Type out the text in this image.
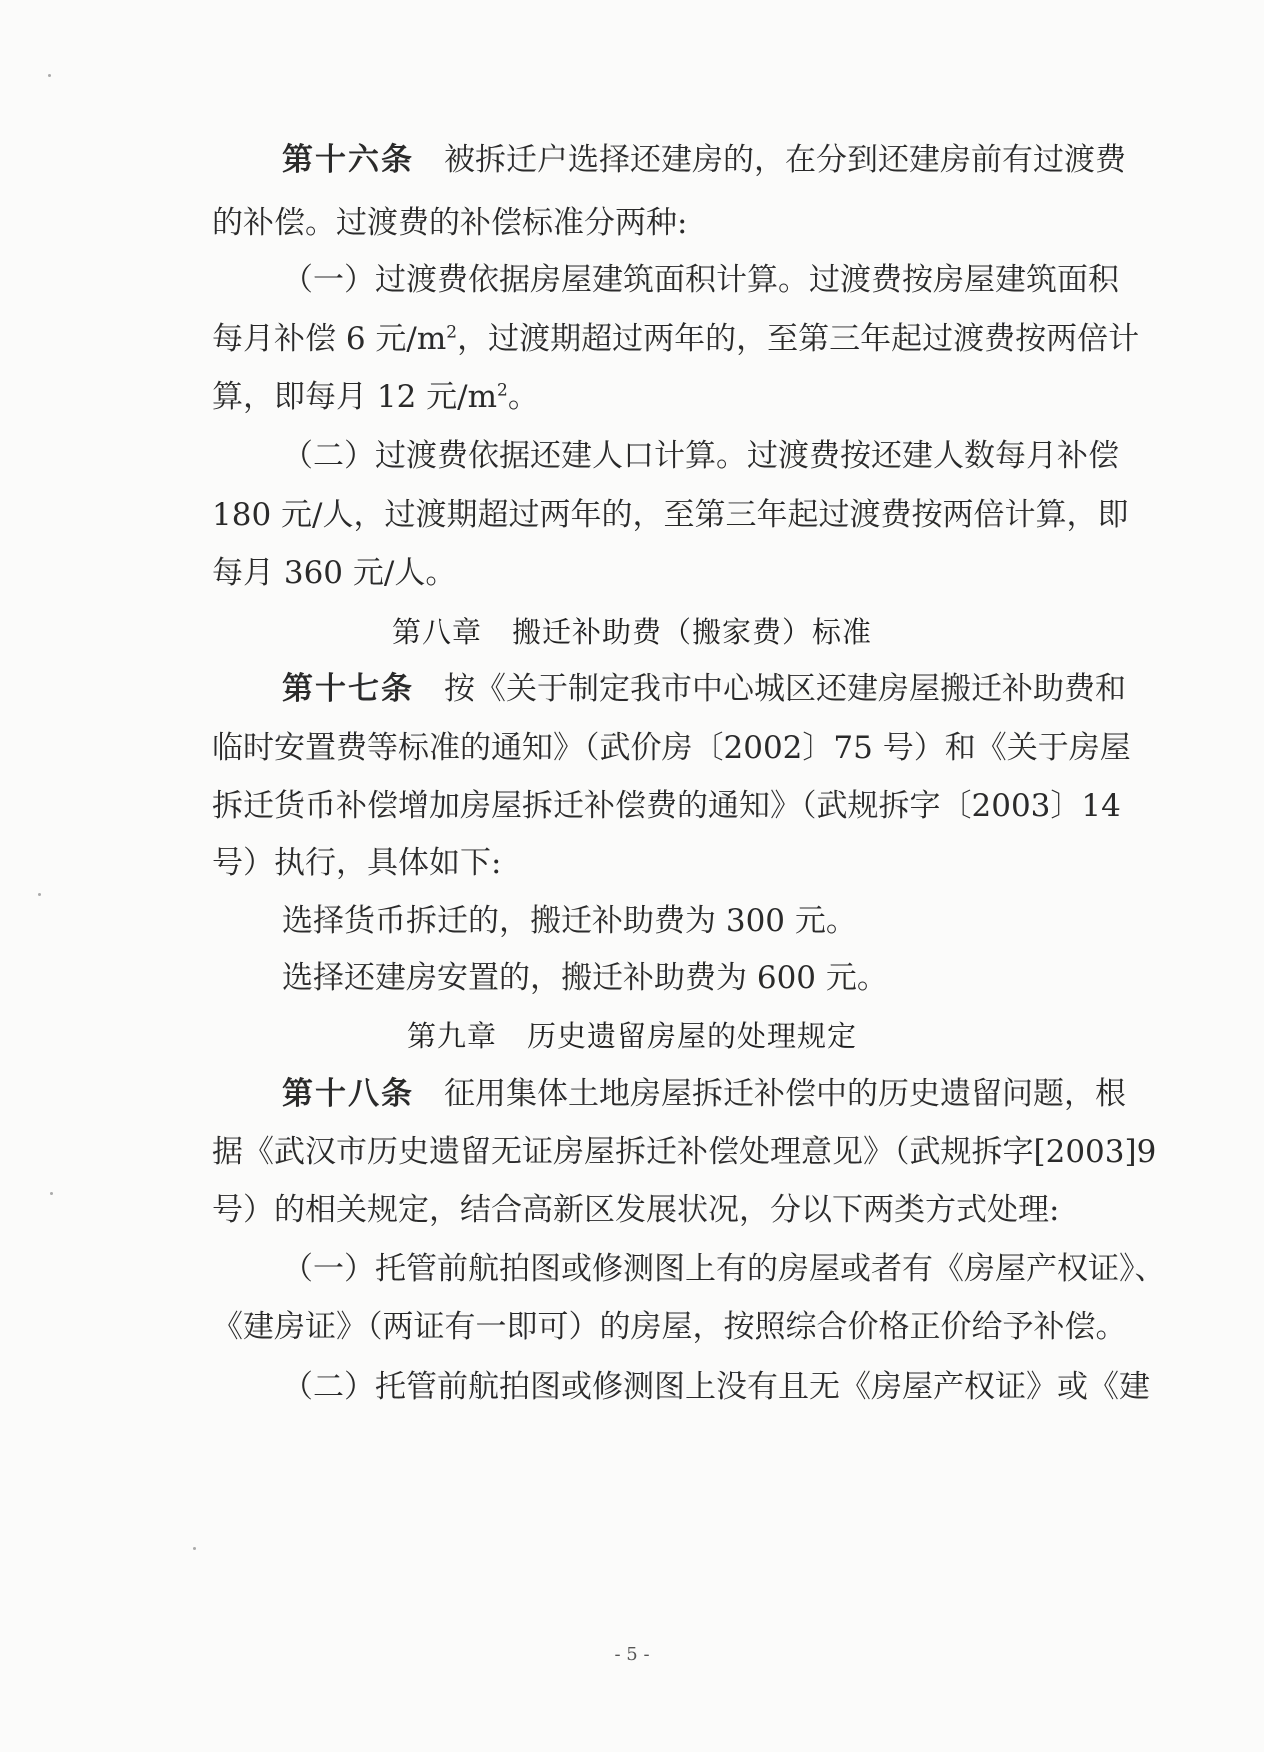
第十六条 被拆迁户选择还建房的，在分到还建房前有过渡费
的补偿。过渡费的补偿标准分两种:
（一）过渡费依据房屋建筑面积计算。过渡费按房屋建筑面积
每月补偿 6 元$/m^2$，过渡期超过两年的，至第三年起过渡费按两倍计
算，即每月 12 元$/m^2$。
（二）过渡费依据还建人口计算。过渡费按还建人数每月补偿
180 元/人，过渡期超过两年的，至第三年起过渡费按两倍计算，即
每月 360 元/人。
第八章　搬迁补助费（搬家费）标准
第十七条 按《关于制定我市中心城区还建房屋搬迁补助费和
临时安置费等标准的通知》（武价房〔2002〕75 号）和《关于房屋
拆迁货币补偿增加房屋拆迁补偿费的通知》（武规拆字〔2003〕14
号）执行，具体如下:
选择货币拆迁的，搬迁补助费为 300 元。
选择还建房安置的，搬迁补助费为 600 元。
第九章　历史遗留房屋的处理规定
第十八条 征用集体土地房屋拆迁补偿中的历史遗留问题，根
据《武汉市历史遗留无证房屋拆迁补偿处理意见》（武规拆字[2003]9
号）的相关规定，结合高新区发展状况，分以下两类方式处理:
（一）托管前航拍图或修测图上有的房屋或者有《房屋产权证》、
《建房证》（两证有一即可）的房屋，按照综合价格正价给予补偿。
（二）托管前航拍图或修测图上没有且无《房屋产权证》或《建
- 5 -
